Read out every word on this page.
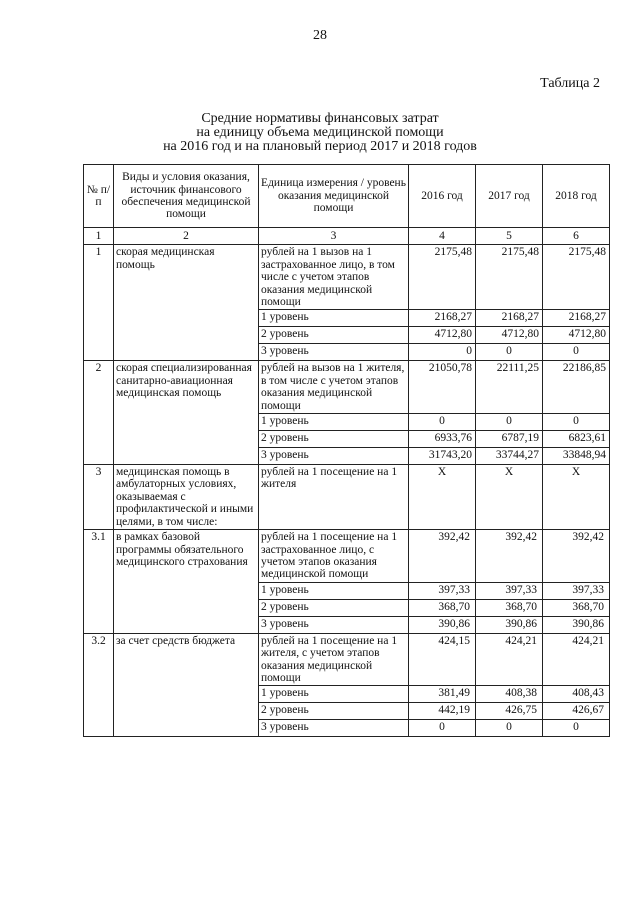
28
Таблица 2
Средние нормативы финансовых затрат
на единицу объема медицинской помощи
на 2016 год и на плановый период 2017 и 2018 годов
№ п/п	Виды и условия оказания, источник финансового обеспечения медицинской помощи	Единица измерения / уровень оказания медицинской помощи	2016 год	2017 год	2018 год
1	2	3	4	5	6
1	скорая медицинская помощь	рублей на 1 вызов на 1 застрахованное лицо, в том числе с учетом этапов оказания медицинской помощи	2175,48	2175,48	2175,48
		1 уровень	2168,27	2168,27	2168,27
		2 уровень	4712,80	4712,80	4712,80
		3 уровень	0	0	0
2	скорая специализированная санитарно-авиационная медицинская помощь	рублей на вызов на 1 жителя, в том числе с учетом этапов оказания медицинской помощи	21050,78	22111,25	22186,85
		1 уровень	0	0	0
		2 уровень	6933,76	6787,19	6823,61
		3 уровень	31743,20	33744,27	33848,94
3	медицинская помощь в амбулаторных условиях, оказываемая с профилактической и иными целями, в том числе:	рублей на 1 посещение на 1 жителя	Х	Х	Х
3.1	в рамках базовой программы обязательного медицинского страхования	рублей на 1 посещение на 1 застрахованное лицо, с учетом этапов оказания медицинской помощи	392,42	392,42	392,42
		1 уровень	397,33	397,33	397,33
		2 уровень	368,70	368,70	368,70
		3 уровень	390,86	390,86	390,86
3.2	за счет средств бюджета	рублей на 1 посещение на 1 жителя, с учетом этапов оказания медицинской помощи	424,15	424,21	424,21
		1 уровень	381,49	408,38	408,43
		2 уровень	442,19	426,75	426,67
		3 уровень	0	0	0
